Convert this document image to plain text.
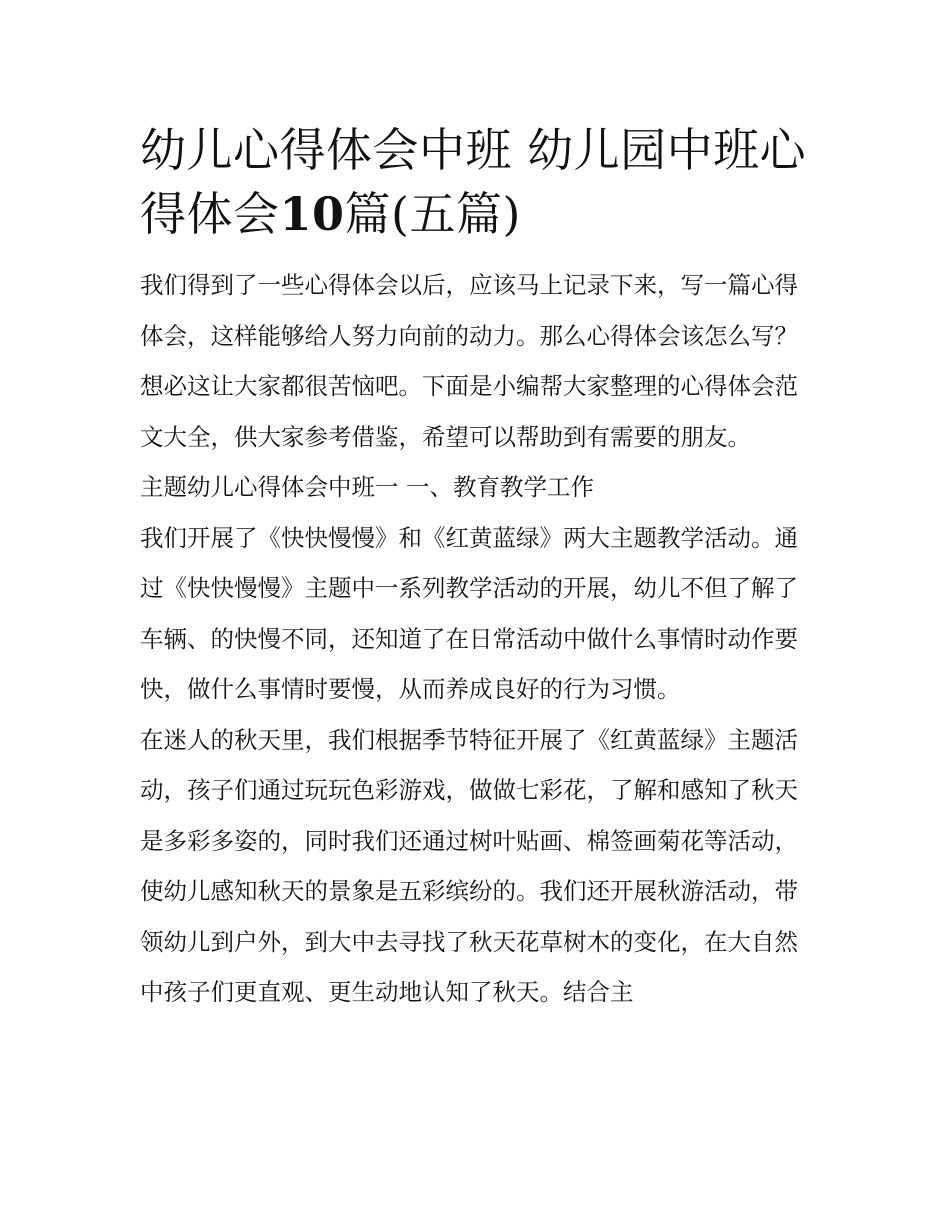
幼儿心得体会中班 幼儿园中班心得体会10篇(五篇)

我们得到了一些心得体会以后，应该马上记录下来，写一篇心得体会，这样能够给人努力向前的动力。那么心得体会该怎么写？想必这让大家都很苦恼吧。下面是小编帮大家整理的心得体会范文大全，供大家参考借鉴，希望可以帮助到有需要的朋友。

主题幼儿心得体会中班一 一、教育教学工作

我们开展了《快快慢慢》和《红黄蓝绿》两大主题教学活动。通过《快快慢慢》主题中一系列教学活动的开展，幼儿不但了解了车辆、的快慢不同，还知道了在日常活动中做什么事情时动作要快，做什么事情时要慢，从而养成良好的行为习惯。

在迷人的秋天里，我们根据季节特征开展了《红黄蓝绿》主题活动，孩子们通过玩玩色彩游戏，做做七彩花，了解和感知了秋天是多彩多姿的，同时我们还通过树叶贴画、棉签画菊花等活动，使幼儿感知秋天的景象是五彩缤纷的。我们还开展秋游活动，带领幼儿到户外，到大中去寻找了秋天花草树木的变化，在大自然中孩子们更直观、更生动地认知了秋天。结合主
